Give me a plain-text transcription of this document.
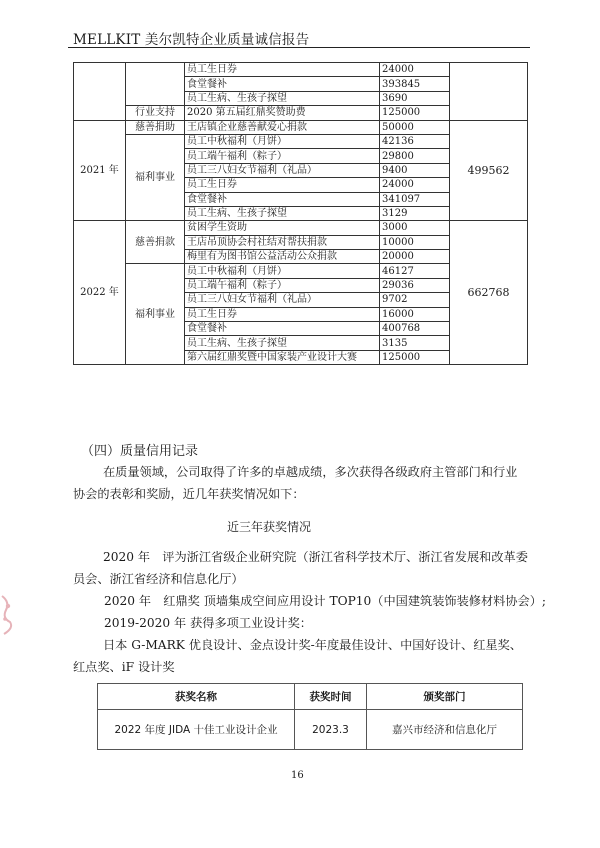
MELLKIT 美尔凯特企业质量诚信报告
		员工生日券	24000	
		食堂餐补	393845	
		员工生病、生孩子探望	3690	
	行业支持	2020 第五届红鼎奖赞助费	125000	
2021 年	慈善捐助	王店镇企业慈善献爱心捐款	50000	499562
	福利事业	员工中秋福利（月饼）	42136	
		员工端午福利（粽子）	29800	
		员工三八妇女节福利（礼品）	9400	
		员工生日券	24000	
		食堂餐补	341097	
		员工生病、生孩子探望	3129	
2022 年	慈善捐款	贫困学生资助	3000	662768
		王店吊顶协会村社结对帮扶捐款	10000	
		梅里有为图书馆公益活动公众捐款	20000	
	福利事业	员工中秋福利（月饼）	46127	
		员工端午福利（粽子）	29036	
		员工三八妇女节福利（礼品）	9702	
		员工生日券	16000	
		食堂餐补	400768	
		员工生病、生孩子探望	3135	
		第六届红鼎奖暨中国家装产业设计大赛	125000	
（四）质量信用记录
在质量领域，公司取得了许多的卓越成绩，多次获得各级政府主管部门和行业协会的表彰和奖励，近几年获奖情况如下：
近三年获奖情况
2020 年　评为浙江省级企业研究院（浙江省科学技术厅、浙江省发展和改革委员会、浙江省经济和信息化厅）
2020 年　红鼎奖 顶墙集成空间应用设计 TOP10（中国建筑装饰装修材料协会）;
2019-2020 年 获得多项工业设计奖：
日本 G-MARK 优良设计、金点设计奖-年度最佳设计、中国好设计、红星奖、红点奖、iF 设计奖
获奖名称	获奖时间	颁奖部门
2022 年度 JIDA 十佳工业设计企业	2023.3	嘉兴市经济和信息化厅
16
